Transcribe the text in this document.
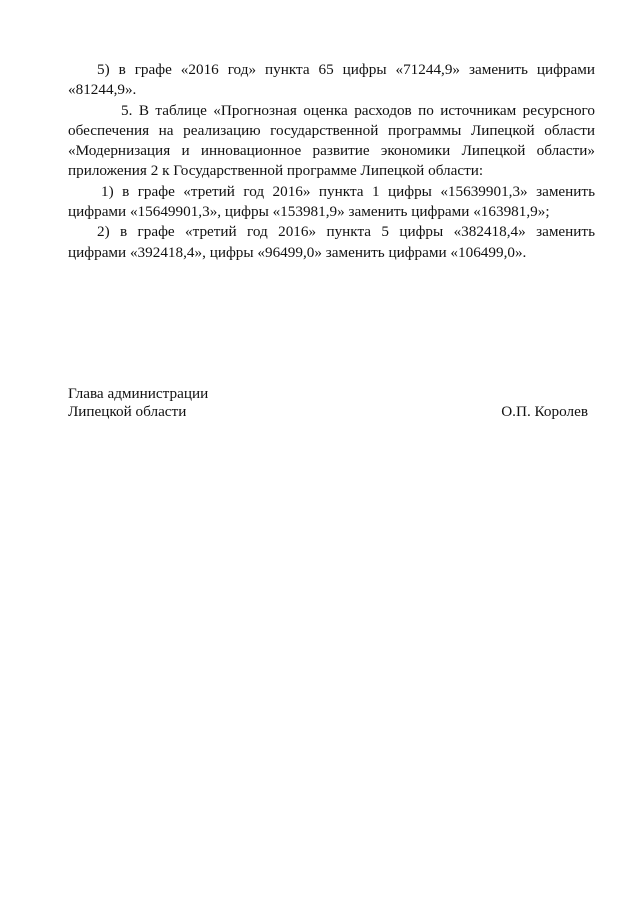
5) в графе «2016 год» пункта 65 цифры «71244,9» заменить цифрами
«81244,9».
5. В таблице «Прогнозная оценка расходов по источникам ресурсного
обеспечения на реализацию государственной программы Липецкой области
«Модернизация и инновационное развитие экономики Липецкой области»
приложения 2 к Государственной программе Липецкой области:
1) в графе «третий год 2016» пункта 1 цифры «15639901,3» заменить
цифрами «15649901,3», цифры «153981,9» заменить цифрами «163981,9»;
2) в графе «третий год 2016» пункта 5 цифры «382418,4» заменить
цифрами «392418,4», цифры «96499,0» заменить цифрами «106499,0».
Глава администрации
Липецкой области	О.П. Королев
